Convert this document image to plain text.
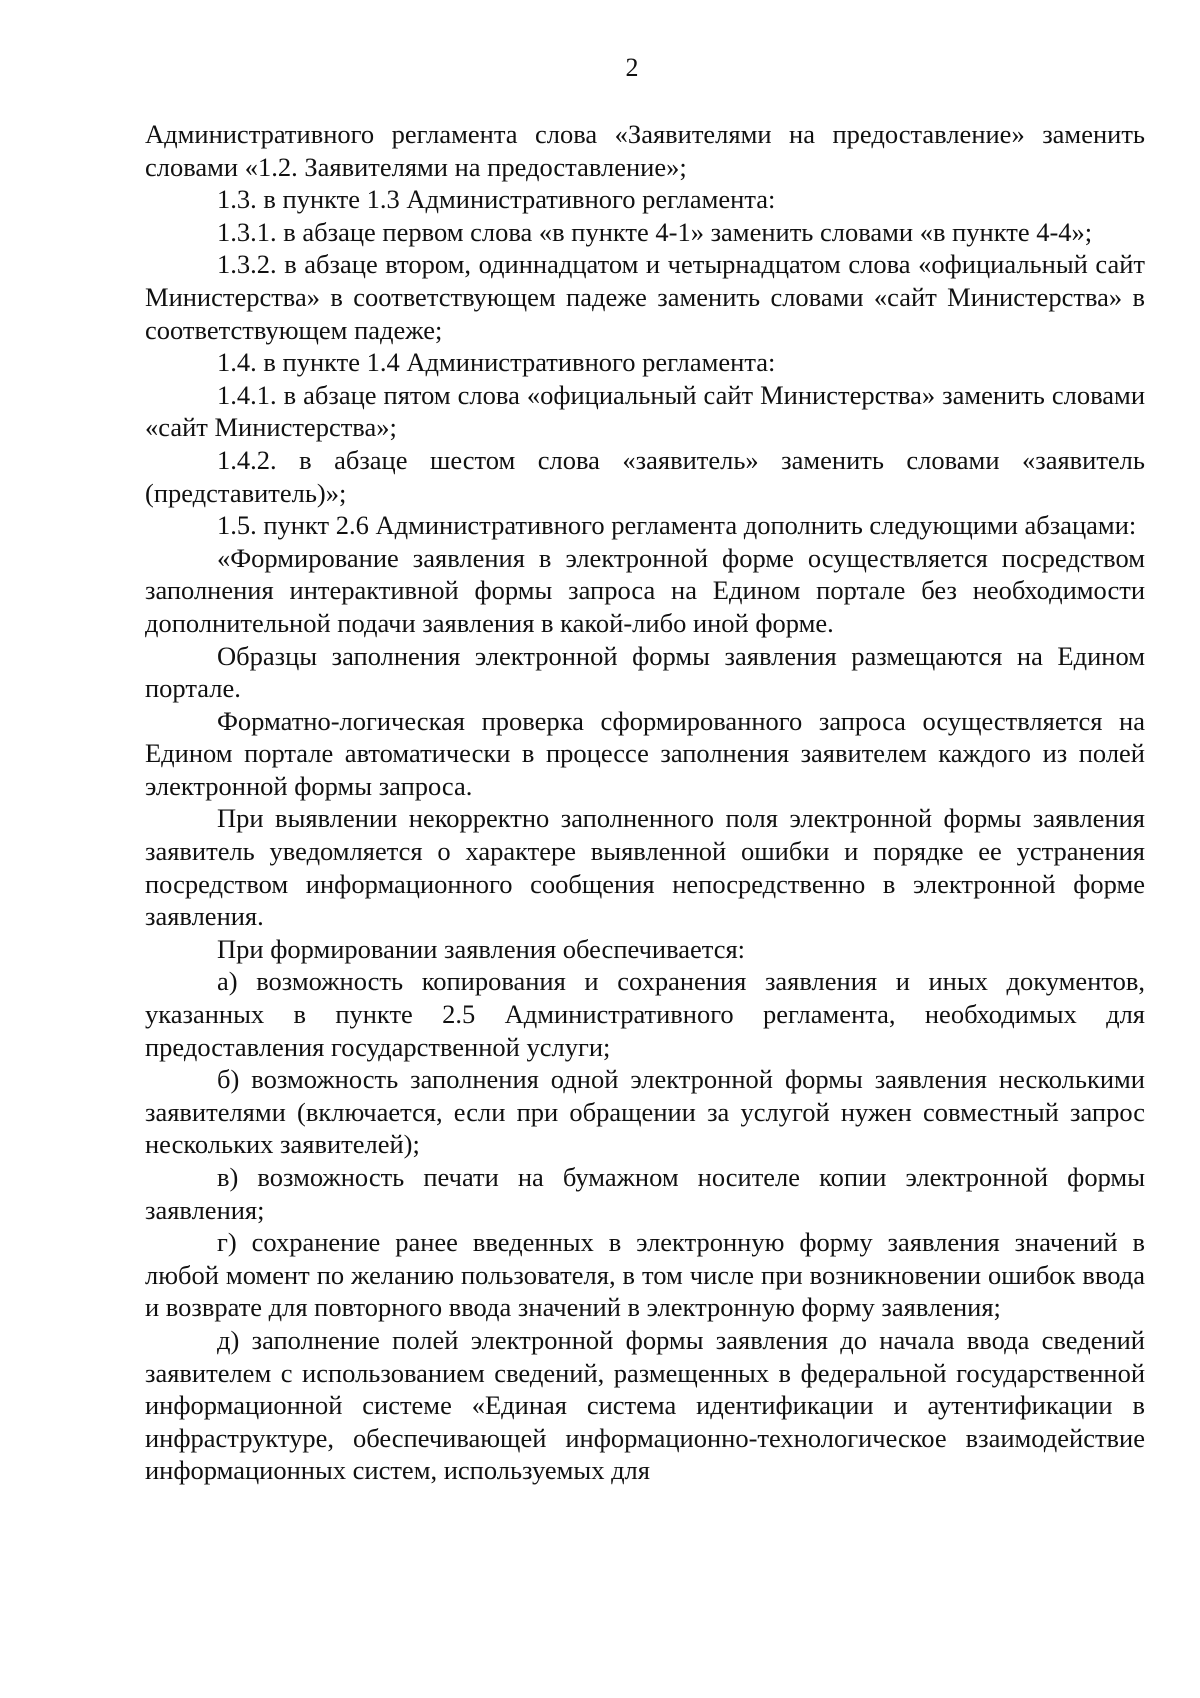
2

Административного регламента слова «Заявителями на предоставление» заменить словами «1.2. Заявителями на предоставление»;

1.3. в пункте 1.3 Административного регламента:

1.3.1. в абзаце первом слова «в пункте 4-1» заменить словами «в пункте 4-4»;

1.3.2. в абзаце втором, одиннадцатом и четырнадцатом слова «официальный сайт Министерства» в соответствующем падеже заменить словами «сайт Министерства» в соответствующем падеже;

1.4. в пункте 1.4 Административного регламента:

1.4.1. в абзаце пятом слова «официальный сайт Министерства» заменить словами «сайт Министерства»;

1.4.2. в абзаце шестом слова «заявитель» заменить словами «заявитель (представитель)»;

1.5. пункт 2.6 Административного регламента дополнить следующими абзацами:

«Формирование заявления в электронной форме осуществляется посредством заполнения интерактивной формы запроса на Едином портале без необходимости дополнительной подачи заявления в какой-либо иной форме.

Образцы заполнения электронной формы заявления размещаются на Едином портале.

Форматно-логическая проверка сформированного запроса осуществляется на Едином портале автоматически в процессе заполнения заявителем каждого из полей электронной формы запроса.

При выявлении некорректно заполненного поля электронной формы заявления заявитель уведомляется о характере выявленной ошибки и порядке ее устранения посредством информационного сообщения непосредственно в электронной форме заявления.

При формировании заявления обеспечивается:

а) возможность копирования и сохранения заявления и иных документов, указанных в пункте 2.5 Административного регламента, необходимых для предоставления государственной услуги;

б) возможность заполнения одной электронной формы заявления несколькими заявителями (включается, если при обращении за услугой нужен совместный запрос нескольких заявителей);

в) возможность печати на бумажном носителе копии электронной формы заявления;

г) сохранение ранее введенных в электронную форму заявления значений в любой момент по желанию пользователя, в том числе при возникновении ошибок ввода и возврате для повторного ввода значений в электронную форму заявления;

д) заполнение полей электронной формы заявления до начала ввода сведений заявителем с использованием сведений, размещенных в федеральной государственной информационной системе «Единая система идентификации и аутентификации в инфраструктуре, обеспечивающей информационно-технологическое взаимодействие информационных систем, используемых для
